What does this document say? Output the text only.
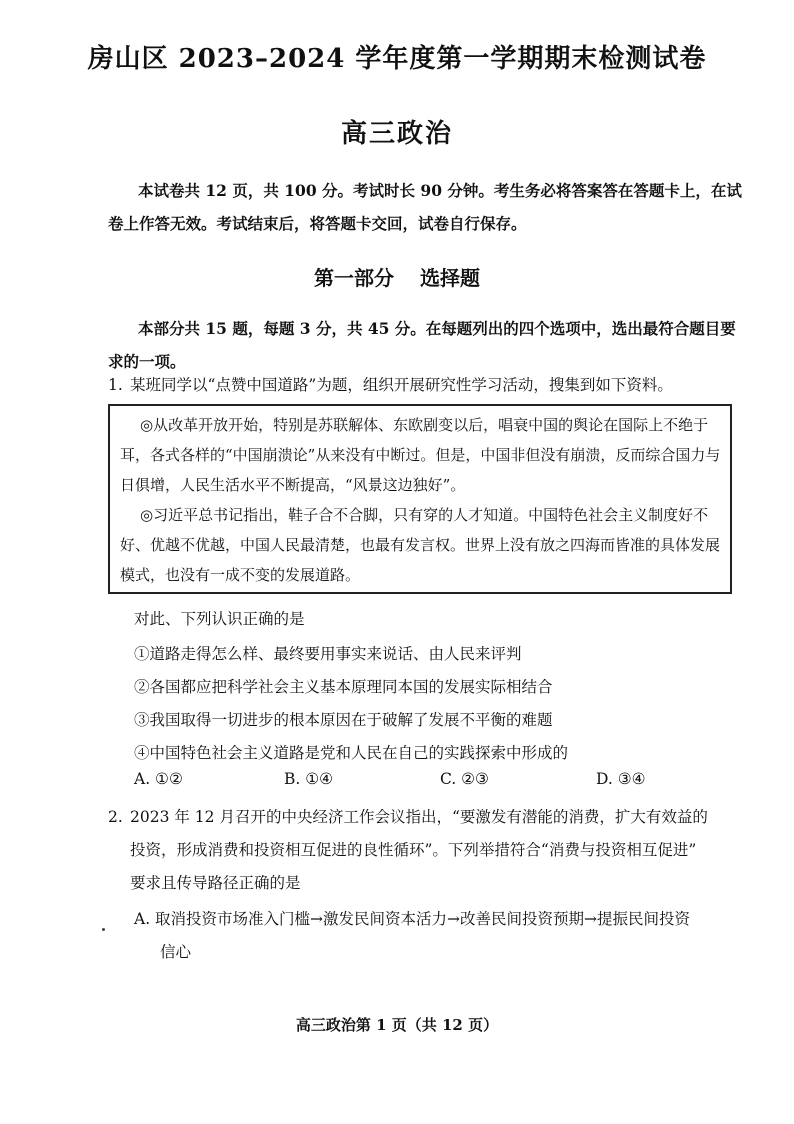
房山区 2023–2024 学年度第一学期期末检测试卷
高三政治
本试卷共 12 页，共 100 分。考试时长 90 分钟。考生务必将答案答在答题卡上，在试卷上作答无效。考试结束后，将答题卡交回，试卷自行保存。
第一部分 选择题
本部分共 15 题，每题 3 分，共 45 分。在每题列出的四个选项中，选出最符合题目要求的一项。
1. 某班同学以“点赞中国道路”为题，组织开展研究性学习活动，搜集到如下资料。

◎从改革开放开始，特别是苏联解体、东欧剧变以后，唱衰中国的舆论在国际上不绝于耳，各式各样的“中国崩溃论”从来没有中断过。但是，中国非但没有崩溃，反而综合国力与日俱增，人民生活水平不断提高，“风景这边独好”。

◎习近平总书记指出，鞋子合不合脚，只有穿的人才知道。中国特色社会主义制度好不好、优越不优越，中国人民最清楚，也最有发言权。世界上没有放之四海而皆准的具体发展模式，也没有一成不变的发展道路。

对此、下列认识正确的是
①道路走得怎么样、最终要用事实来说话、由人民来评判
②各国都应把科学社会主义基本原理同本国的发展实际相结合
③我国取得一切进步的根本原因在于破解了发展不平衡的难题
④中国特色社会主义道路是党和人民在自己的实践探索中形成的
A. ①②	B. ①④	C. ②③	D. ③④
2. 2023 年 12 月召开的中央经济工作会议指出，“要激发有潜能的消费，扩大有效益的
投资，形成消费和投资相互促进的良性循环”。下列举措符合“消费与投资相互促进”
要求且传导路径正确的是
A. 取消投资市场准入门槛→激发民间资本活力→改善民间投资预期→提振民间投资
信心
高三政治第 1 页（共 12 页）
